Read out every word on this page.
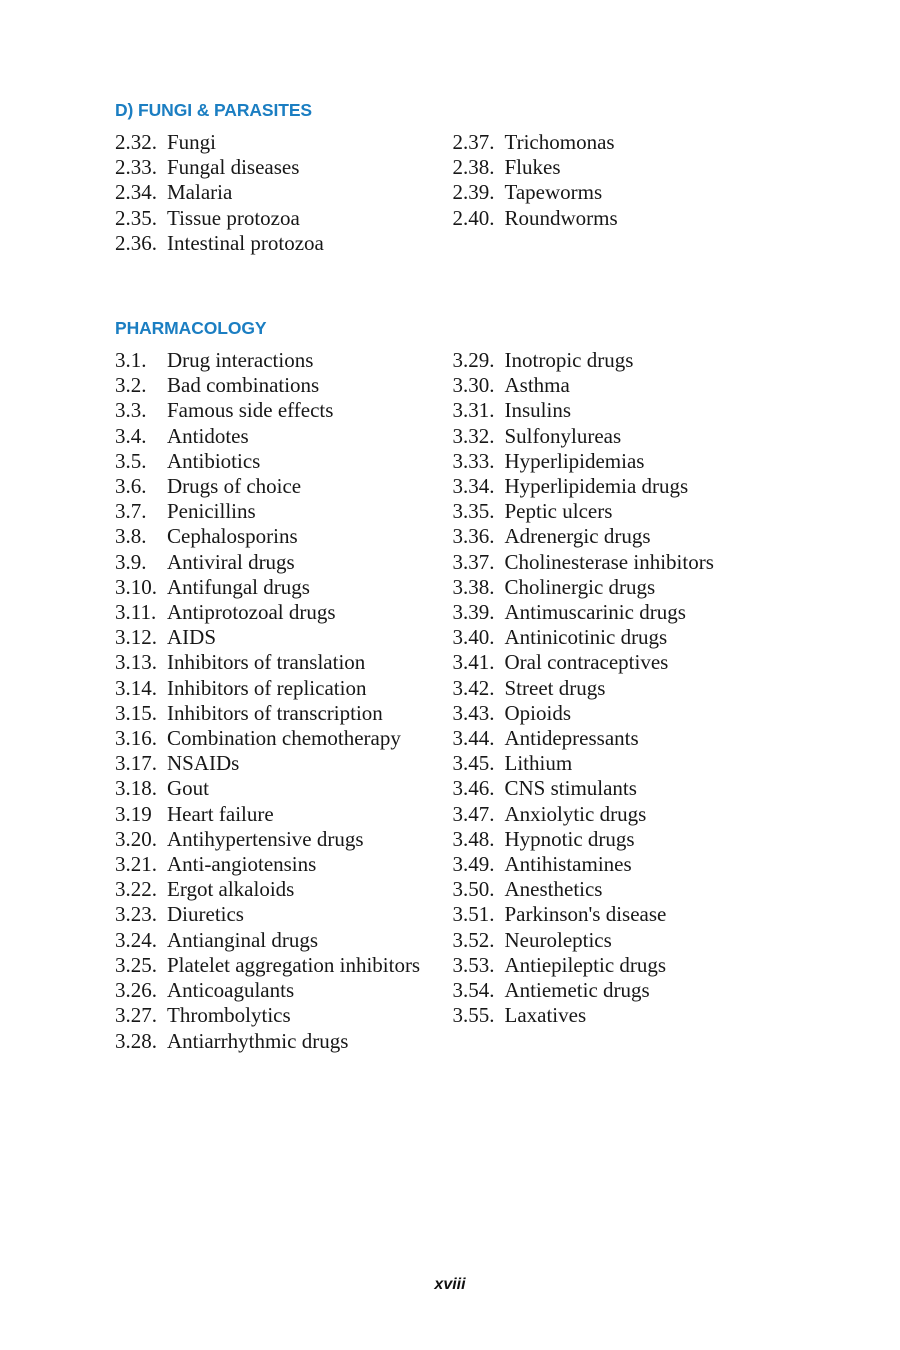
D) FUNGI & PARASITES
2.32. Fungi
2.33. Fungal diseases
2.34. Malaria
2.35. Tissue protozoa
2.36. Intestinal protozoa
2.37. Trichomonas
2.38. Flukes
2.39. Tapeworms
2.40. Roundworms
PHARMACOLOGY
3.1. Drug interactions
3.2. Bad combinations
3.3. Famous side effects
3.4. Antidotes
3.5. Antibiotics
3.6. Drugs of choice
3.7. Penicillins
3.8. Cephalosporins
3.9. Antiviral drugs
3.10. Antifungal drugs
3.11. Antiprotozoal drugs
3.12. AIDS
3.13. Inhibitors of translation
3.14. Inhibitors of replication
3.15. Inhibitors of transcription
3.16. Combination chemotherapy
3.17. NSAIDs
3.18. Gout
3.19 Heart failure
3.20. Antihypertensive drugs
3.21. Anti-angiotensins
3.22. Ergot alkaloids
3.23. Diuretics
3.24. Antianginal drugs
3.25. Platelet aggregation inhibitors
3.26. Anticoagulants
3.27. Thrombolytics
3.28. Antiarrhythmic drugs
3.29. Inotropic drugs
3.30. Asthma
3.31. Insulins
3.32. Sulfonylureas
3.33. Hyperlipidemias
3.34. Hyperlipidemia drugs
3.35. Peptic ulcers
3.36. Adrenergic drugs
3.37. Cholinesterase inhibitors
3.38. Cholinergic drugs
3.39. Antimuscarinic drugs
3.40. Antinicotinic drugs
3.41. Oral contraceptives
3.42. Street drugs
3.43. Opioids
3.44. Antidepressants
3.45. Lithium
3.46. CNS stimulants
3.47. Anxiolytic drugs
3.48. Hypnotic drugs
3.49. Antihistamines
3.50. Anesthetics
3.51. Parkinson's disease
3.52. Neuroleptics
3.53. Antiepileptic drugs
3.54. Antiemetic drugs
3.55. Laxatives
xviii
